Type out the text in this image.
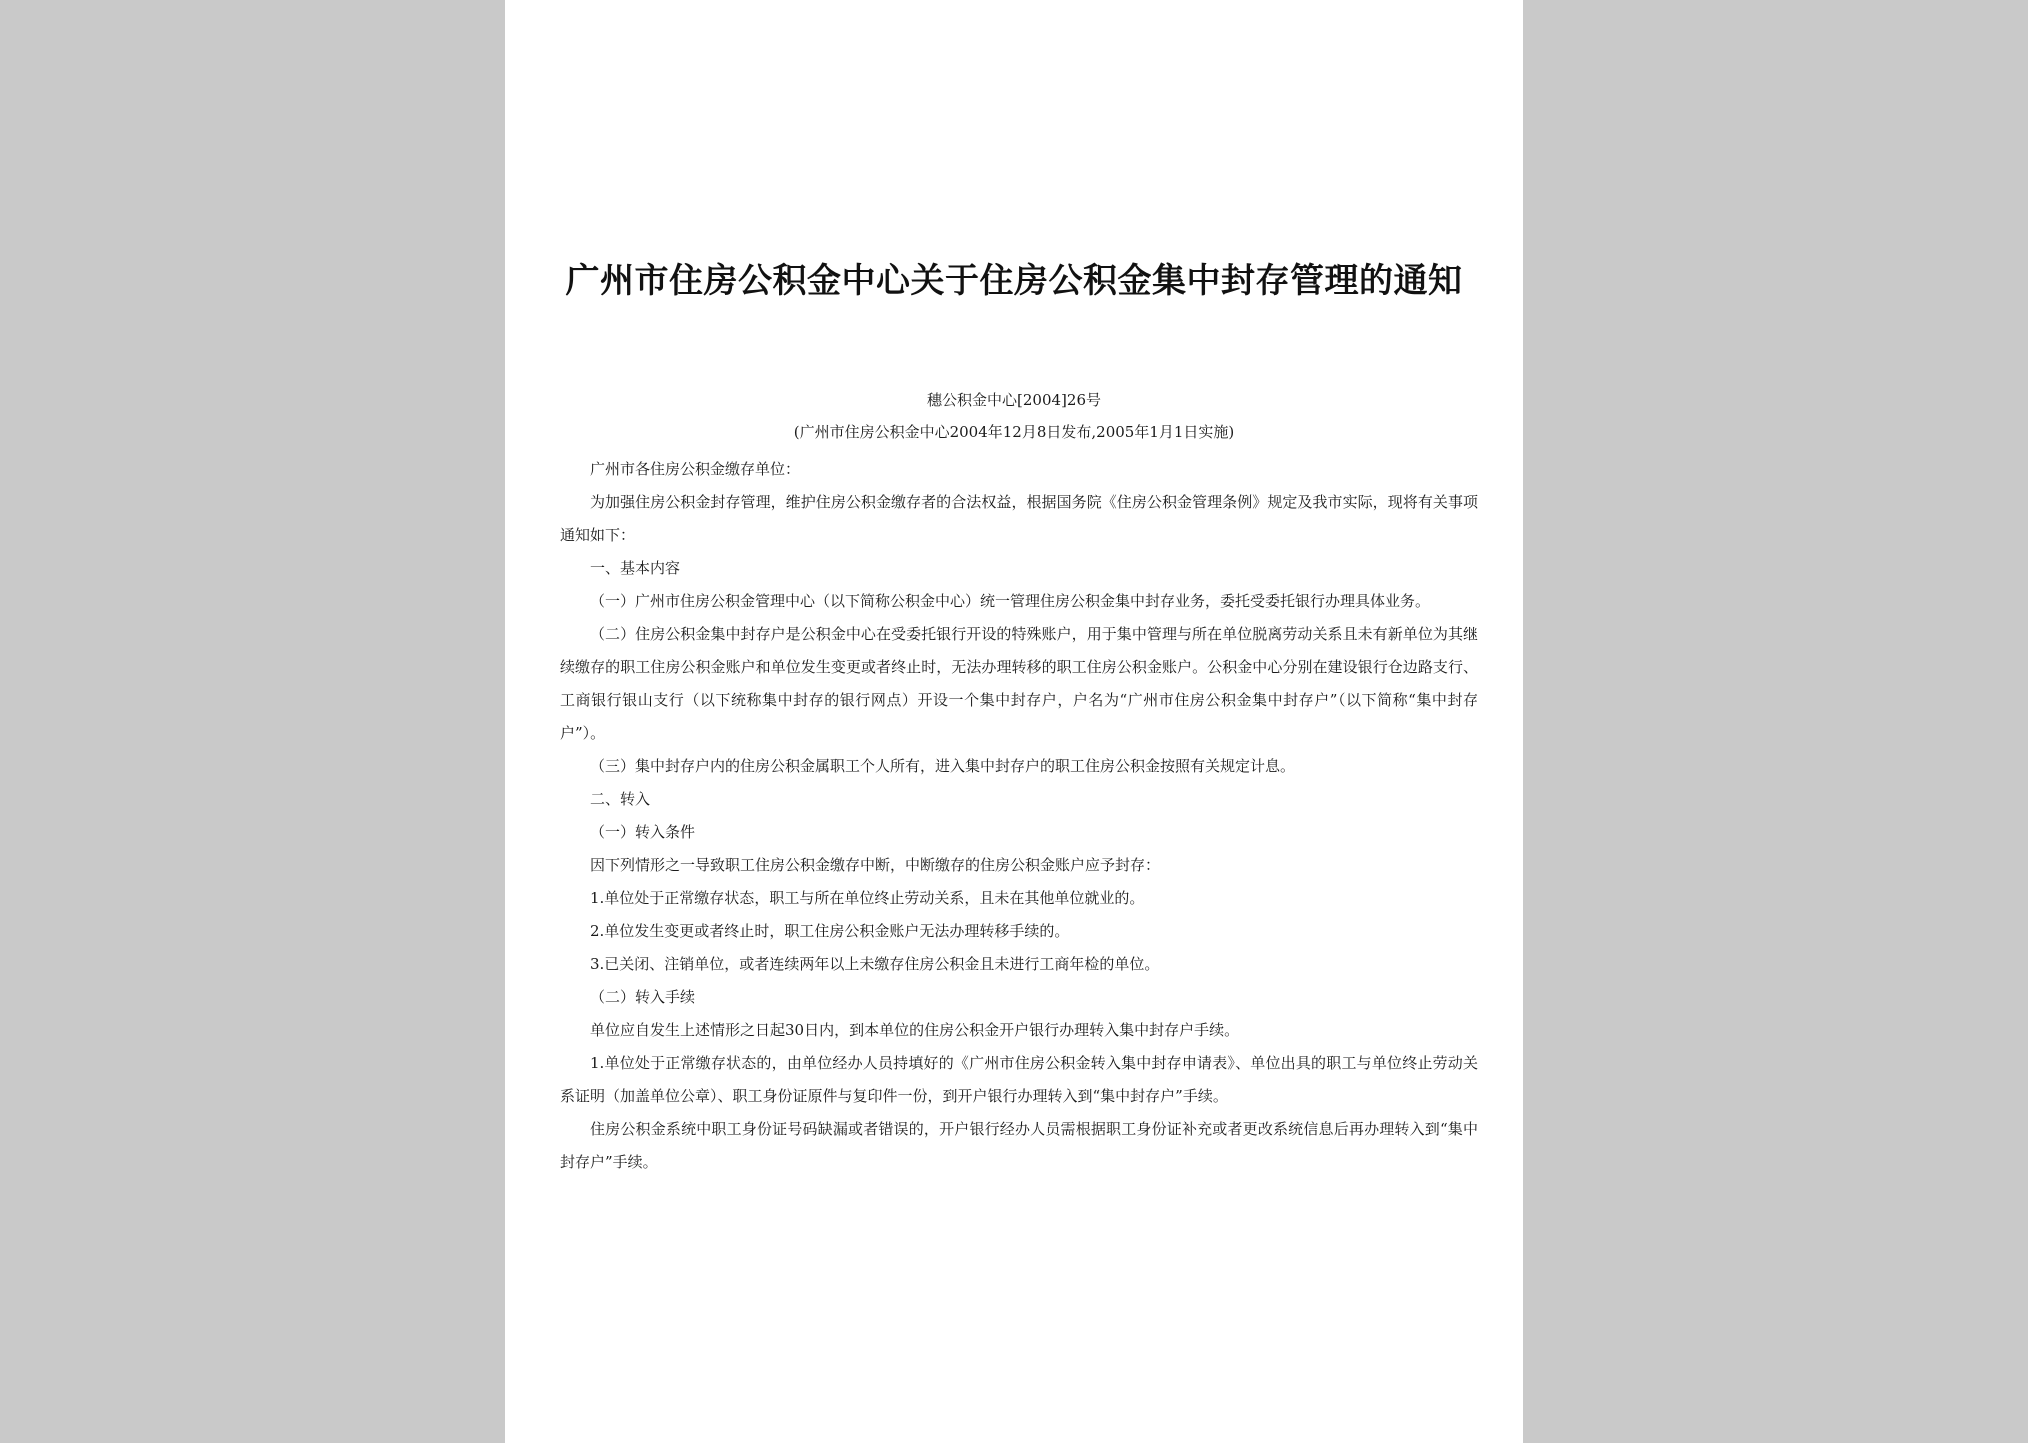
广州市住房公积金中心关于住房公积金集中封存管理的通知
穗公积金中心[2004]26号
(广州市住房公积金中心2004年12月8日发布,2005年1月1日实施)

广州市各住房公积金缴存单位：

为加强住房公积金封存管理，维护住房公积金缴存者的合法权益，根据国务院《住房公积金管理条例》规定及我市实际，现将有关事项通知如下：

一、基本内容

（一）广州市住房公积金管理中心（以下简称公积金中心）统一管理住房公积金集中封存业务，委托受委托银行办理具体业务。

（二）住房公积金集中封存户是公积金中心在受委托银行开设的特殊账户，用于集中管理与所在单位脱离劳动关系且未有新单位为其继续缴存的职工住房公积金账户和单位发生变更或者终止时，无法办理转移的职工住房公积金账户。公积金中心分别在建设银行仓边路支行、工商银行银山支行（以下统称集中封存的银行网点）开设一个集中封存户，户名为“广州市住房公积金集中封存户”（以下简称“集中封存户”）。

（三）集中封存户内的住房公积金属职工个人所有，进入集中封存户的职工住房公积金按照有关规定计息。

二、转入

（一）转入条件

因下列情形之一导致职工住房公积金缴存中断，中断缴存的住房公积金账户应予封存：

1.单位处于正常缴存状态，职工与所在单位终止劳动关系，且未在其他单位就业的。

2.单位发生变更或者终止时，职工住房公积金账户无法办理转移手续的。

3.已关闭、注销单位，或者连续两年以上未缴存住房公积金且未进行工商年检的单位。

（二）转入手续

单位应自发生上述情形之日起30日内，到本单位的住房公积金开户银行办理转入集中封存户手续。

1.单位处于正常缴存状态的，由单位经办人员持填好的《广州市住房公积金转入集中封存申请表》、单位出具的职工与单位终止劳动关系证明（加盖单位公章）、职工身份证原件与复印件一份，到开户银行办理转入到“集中封存户”手续。

住房公积金系统中职工身份证号码缺漏或者错误的，开户银行经办人员需根据职工身份证补充或者更改系统信息后再办理转入到“集中封存户”手续。
